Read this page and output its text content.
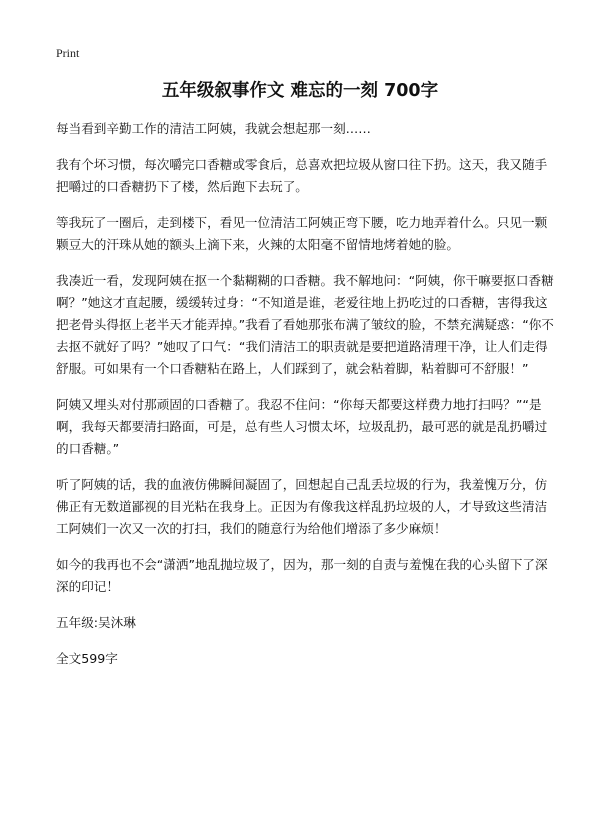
Print
五年级叙事作文 难忘的一刻 700字

每当看到辛勤工作的清洁工阿姨，我就会想起那一刻……

我有个坏习惯，每次嚼完口香糖或零食后，总喜欢把垃圾从窗口往下扔。这天，我又随手把嚼过的口香糖扔下了楼，然后跑下去玩了。

等我玩了一圈后，走到楼下，看见一位清洁工阿姨正弯下腰，吃力地弄着什么。只见一颗颗豆大的汗珠从她的额头上滴下来，火辣的太阳毫不留情地烤着她的脸。

我凑近一看，发现阿姨在抠一个黏糊糊的口香糖。我不解地问：“阿姨，你干嘛要抠口香糖啊？”她这才直起腰，缓缓转过身：“不知道是谁，老爱往地上扔吃过的口香糖，害得我这把老骨头得抠上老半天才能弄掉。”我看了看她那张布满了皱纹的脸，不禁充满疑惑：“你不去抠不就好了吗？”她叹了口气：“我们清洁工的职责就是要把道路清理干净，让人们走得舒服。可如果有一个口香糖粘在路上，人们踩到了，就会粘着脚，粘着脚可不舒服！”

阿姨又埋头对付那顽固的口香糖了。我忍不住问：“你每天都要这样费力地打扫吗？”“是啊，我每天都要清扫路面，可是，总有些人习惯太坏，垃圾乱扔，最可恶的就是乱扔嚼过的口香糖。”

听了阿姨的话，我的血液仿佛瞬间凝固了，回想起自己乱丢垃圾的行为，我羞愧万分，仿佛正有无数道鄙视的目光粘在我身上。正因为有像我这样乱扔垃圾的人，才导致这些清洁工阿姨们一次又一次的打扫，我们的随意行为给他们增添了多少麻烦！

如今的我再也不会“潇洒”地乱抛垃圾了，因为，那一刻的自责与羞愧在我的心头留下了深深的印记！

五年级:吴沐琳

全文599字
